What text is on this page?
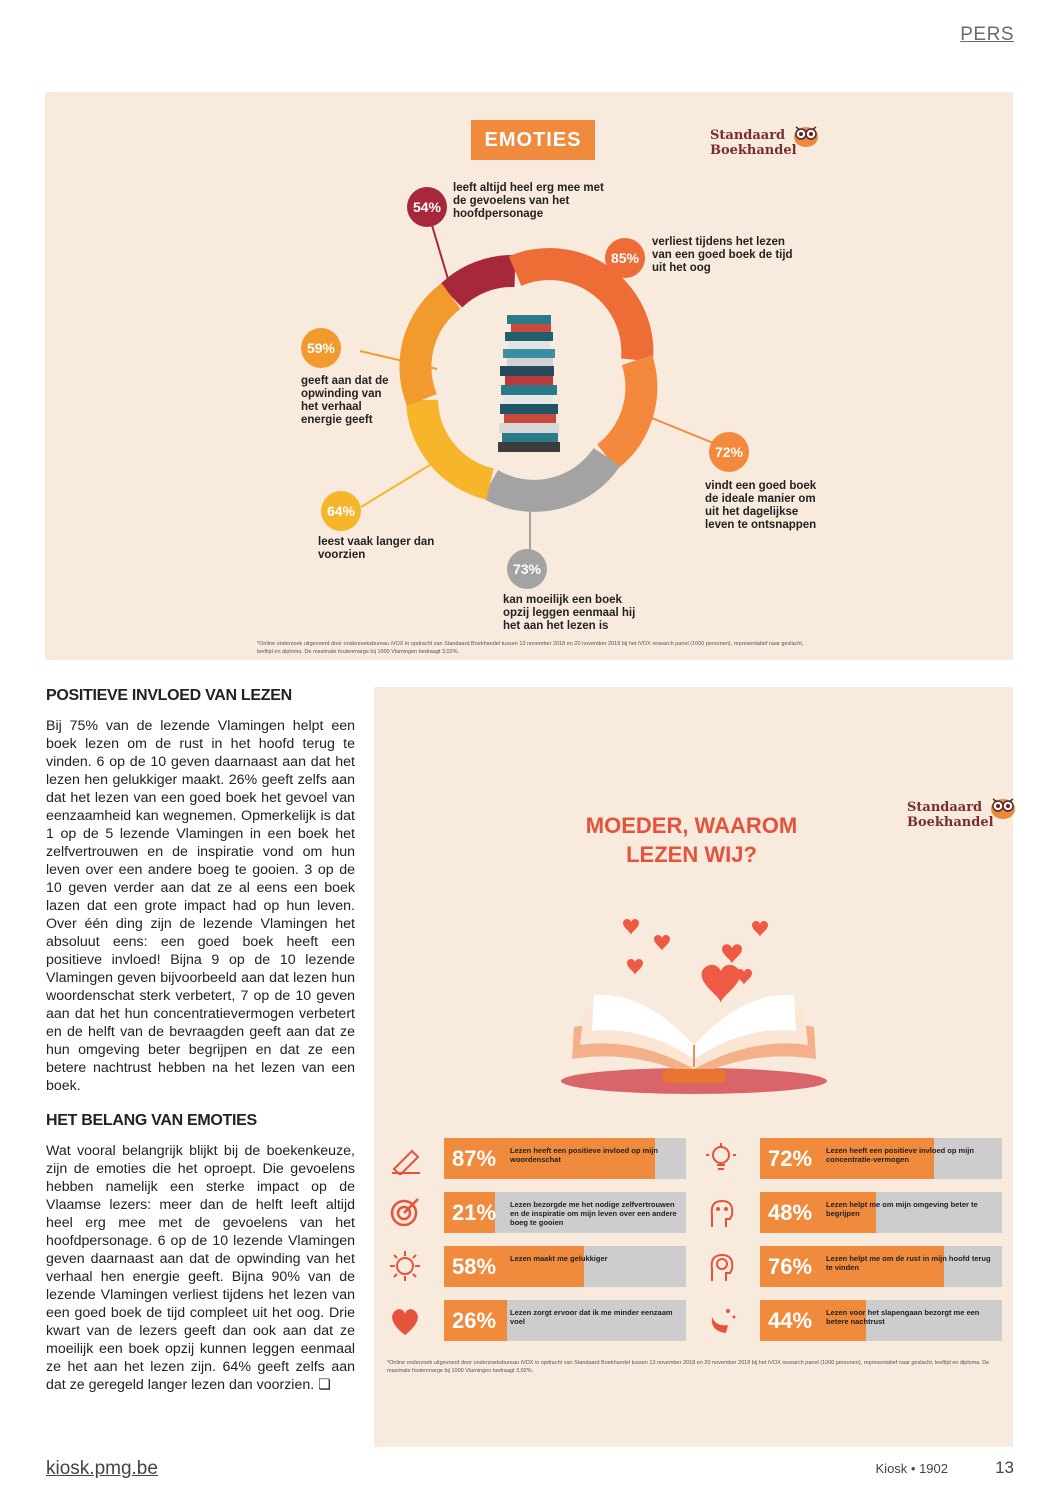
PERS
EMOTIES	Standaard
Boekhandel
54%
leeft altijd heel erg mee met de gevoelens van het hoofdpersonage
85%
verliest tijdens het lezen van een goed boek de tijd uit het oog
72%
vindt een goed boek de ideale manier om uit het dagelijkse leven te ontsnappen
73%
kan moeilijk een boek opzij leggen eenmaal hij het aan het lezen is
64%
leest vaak langer dan voorzien
59%
geeft aan dat de opwinding van het verhaal energie geeft
*Online onderzoek uitgevoerd door onderzoeksbureau iVOX in opdracht van Standaard Boekhandel tussen 13 november 2018 en 20 november 2018 bij het iVOX research panel (1000 personen), representatief naar geslacht, leeftijd en diploma. De maximale foutenmarge bij 1000 Vlamingen bedraagt 3,02%.
POSITIEVE INVLOED VAN LEZEN
Bij 75% van de lezende Vlamingen helpt een boek lezen om de rust in het hoofd terug te vinden. 6 op de 10 geven daarnaast aan dat het lezen hen gelukkiger maakt. 26% geeft zelfs aan dat het lezen van een goed boek het gevoel van eenzaamheid kan wegnemen. Opmerkelijk is dat 1 op de 5 lezende Vlamingen in een boek het zelfvertrouwen en de inspiratie vond om hun leven over een andere boeg te gooien. 3 op de 10 geven verder aan dat ze al eens een boek lazen dat een grote impact had op hun leven. Over één ding zijn de lezende Vlamingen het absoluut eens: een goed boek heeft een positieve invloed! Bijna 9 op de 10 lezende Vlamingen geven bijvoorbeeld aan dat lezen hun woordenschat sterk verbetert, 7 op de 10 geven aan dat het hun concentratievermogen verbetert en de helft van de bevraagden geeft aan dat ze hun omgeving beter begrijpen en dat ze een betere nachtrust hebben na het lezen van een boek.
HET BELANG VAN EMOTIES
Wat vooral belangrijk blijkt bij de boekenkeuze, zijn de emoties die het oproept. Die gevoelens hebben namelijk een sterke impact op de Vlaamse lezers: meer dan de helft leeft altijd heel erg mee met de gevoelens van het hoofdpersonage. 6 op de 10 lezende Vlamingen geven daarnaast aan dat de opwinding van het verhaal hen energie geeft. Bijna 90% van de lezende Vlamingen verliest tijdens het lezen van een goed boek de tijd compleet uit het oog. Drie kwart van de lezers geeft dan ook aan dat ze moeilijk een boek opzij kunnen leggen eenmaal ze het aan het lezen zijn. 64% geeft zelfs aan dat ze geregeld langer lezen dan voorzien. ❏
Standaard
Boekhandel
MOEDER, WAAROM LEZEN WIJ?
87% Lezen heeft een positieve invloed op mijn woordenschat	72% Lezen heeft een positieve invloed op mijn concentratie-vermogen
21% Lezen bezorgde me het nodige zelfvertrouwen en de inspiratie om mijn leven over een andere boeg te gooien	48% Lezen helpt me om mijn omgeving beter te begrijpen
58% Lezen maakt me gelukkiger	76% Lezen helpt me om de rust in mijn hoofd terug te vinden
26% Lezen zorgt ervoor dat ik me minder eenzaam voel	44% Lezen voor het slapengaan bezorgt me een betere nachtrust
*Online onderzoek uitgevoerd door onderzoeksbureau iVOX in opdracht van Standaard Boekhandel tussen 13 november 2018 en 20 november 2018 bij het iVOX research panel (1000 personen), representatief naar geslacht, leeftijd en diploma. De maximale foutenmarge bij 1000 Vlamingen bedraagt 3,02%.
kiosk.pmg.be	Kiosk • 1902	13
